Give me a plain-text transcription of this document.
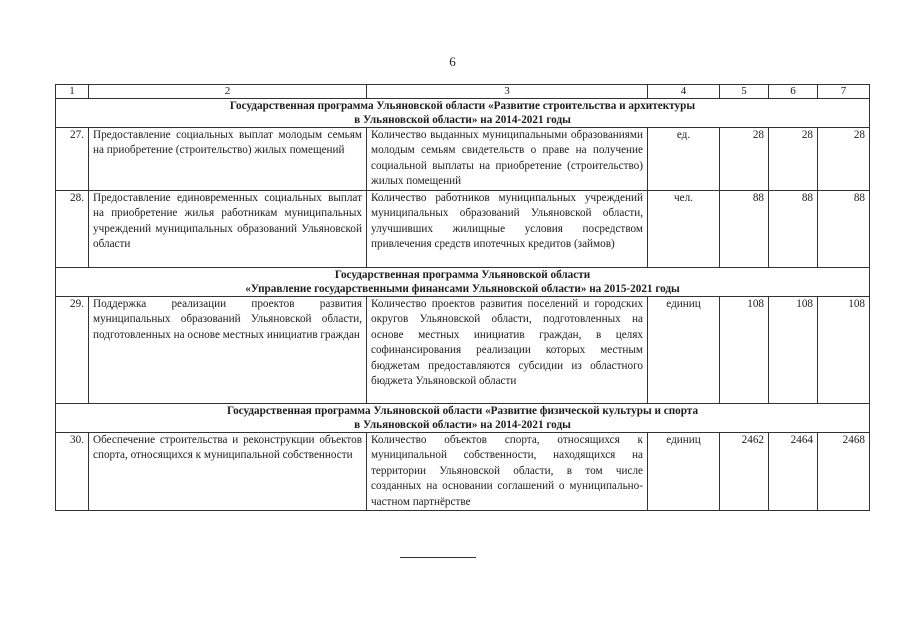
6
1	2	3	4	5	6	7
Государственная программа Ульяновской области «Развитие строительства и архитектуры
в Ульяновской области» на 2014-2021 годы						
27.	Предоставление социальных выплат молодым семьям на приобретение (строительство) жилых помещений	Количество выданных муниципальными образованиями молодым семьям свидетельств о праве на получение социальной выплаты на приобретение (строительство) жилых помещений	ед.	28	28	28
28.	Предоставление единовременных социальных выплат на приобретение жилья работникам муниципальных учреждений муниципальных образований Ульяновской области	Количество работников муниципальных учреждений муниципальных образований Ульяновской области, улучшивших жилищные условия посредством привлечения средств ипотечных кредитов (займов)	чел.	88	88	88
Государственная программа Ульяновской области
«Управление государственными финансами Ульяновской области» на 2015-2021 годы						
29.	Поддержка реализации проектов развития муниципальных образований Ульяновской области, подготовленных на основе местных инициатив граждан	Количество проектов развития поселений и городских округов Ульяновской области, подготовленных на основе местных инициатив граждан, в целях софинансирования реализации которых местным бюджетам предоставляются субсидии из областного бюджета Ульяновской области	единиц	108	108	108
Государственная программа Ульяновской области «Развитие физической культуры и спорта
в Ульяновской области» на 2014-2021 годы						
30.	Обеспечение строительства и реконструкции объектов спорта, относящихся к муниципальной собственности	Количество объектов спорта, относящихся к муниципальной собственности, находящихся на территории Ульяновской области, в том числе созданных на основании соглашений о муниципально-частном партнёрстве	единиц	2462	2464	2468
